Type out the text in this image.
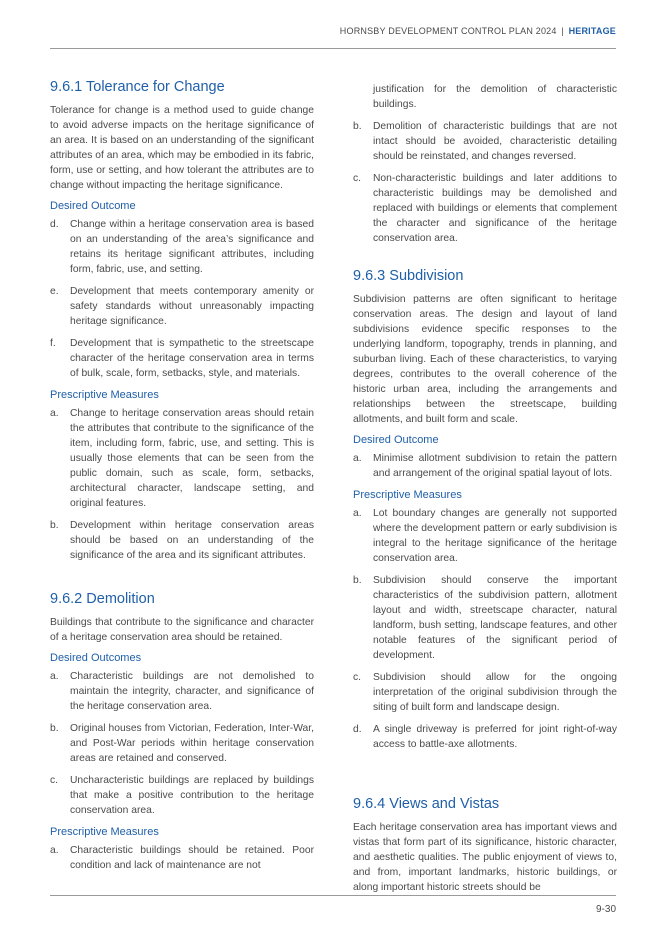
HORNSBY DEVELOPMENT CONTROL PLAN 2024 | HERITAGE
9.6.1 Tolerance for Change

Tolerance for change is a method used to guide change to avoid adverse impacts on the heritage significance of an area. It is based on an understanding of the significant attributes of an area, which may be embodied in its fabric, form, use or setting, and how tolerant the attributes are to change without impacting the heritage significance.

Desired Outcome
d. Change within a heritage conservation area is based on an understanding of the area’s significance and retains its heritage significant attributes, including form, fabric, use, and setting.
e. Development that meets contemporary amenity or safety standards without unreasonably impacting heritage significance.
f. Development that is sympathetic to the streetscape character of the heritage conservation area in terms of bulk, scale, form, setbacks, style, and materials.
Prescriptive Measures
a. Change to heritage conservation areas should retain the attributes that contribute to the significance of the item, including form, fabric, use, and setting. This is usually those elements that can be seen from the public domain, such as scale, form, setbacks, architectural character, landscape setting, and original features.
b. Development within heritage conservation areas should be based on an understanding of the significance of the area and its significant attributes.
9.6.2 Demolition

Buildings that contribute to the significance and character of a heritage conservation area should be retained.

Desired Outcomes
a. Characteristic buildings are not demolished to maintain the integrity, character, and significance of the heritage conservation area.
b. Original houses from Victorian, Federation, Inter-War, and Post-War periods within heritage conservation areas are retained and conserved.
c. Uncharacteristic buildings are replaced by buildings that make a positive contribution to the heritage conservation area.
Prescriptive Measures
a. Characteristic buildings should be retained. Poor condition and lack of maintenance are not
justification for the demolition of characteristic buildings.
b. Demolition of characteristic buildings that are not intact should be avoided, characteristic detailing should be reinstated, and changes reversed.
c. Non-characteristic buildings and later additions to characteristic buildings may be demolished and replaced with buildings or elements that complement the character and significance of the heritage conservation area.
9.6.3 Subdivision

Subdivision patterns are often significant to heritage conservation areas. The design and layout of land subdivisions evidence specific responses to the underlying landform, topography, trends in planning, and suburban living. Each of these characteristics, to varying degrees, contributes to the overall coherence of the historic urban area, including the arrangements and relationships between the streetscape, building allotments, and built form and scale.

Desired Outcome
a. Minimise allotment subdivision to retain the pattern and arrangement of the original spatial layout of lots.
Prescriptive Measures
a. Lot boundary changes are generally not supported where the development pattern or early subdivision is integral to the heritage significance of the heritage conservation area.
b. Subdivision should conserve the important characteristics of the subdivision pattern, allotment layout and width, streetscape character, natural landform, bush setting, landscape features, and other notable features of the significant period of development.
c. Subdivision should allow for the ongoing interpretation of the original subdivision through the siting of built form and landscape design.
d. A single driveway is preferred for joint right-of-way access to battle-axe allotments.
9.6.4 Views and Vistas

Each heritage conservation area has important views and vistas that form part of its significance, historic character, and aesthetic qualities. The public enjoyment of views to, and from, important landmarks, historic buildings, or along important historic streets should be

9-30
